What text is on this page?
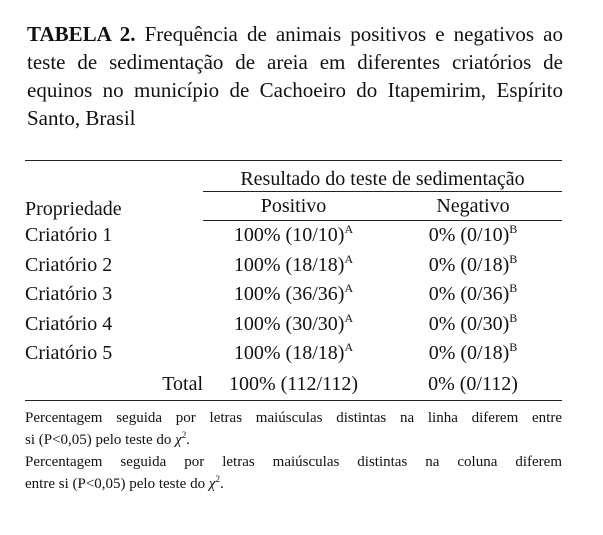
TABELA 2. Frequência de animais positivos e negativos ao
teste de sedimentação de areia em diferentes criatórios de
equinos no município de Cachoeiro do Itapemirim, Espírito
Santo, Brasil

Propriedade	Resultado do teste de sedimentação	
	Positivo	Negativo
Criatório 1	100% $(10/10)^A$	0% $(0/10)^B$
Criatório 2	100% $(18/18)^A$	0% $(0/18)^B$
Criatório 3	100% $(36/36)^A$	0% $(0/36)^B$
Criatório 4	100% $(30/30)^A$	0% $(0/30)^B$
Criatório 5	100% $(18/18)^A$	0% $(0/18)^B$
Total	100% (112/112)	0% (0/112)
Percentagem seguida por letras maiúsculas distintas na linha diferem entre
si (P<0,05) pelo teste do $\chi^2$.
Percentagem seguida por letras maiúsculas distintas na coluna diferem
entre si (P<0,05) pelo teste do $\chi^2$.
